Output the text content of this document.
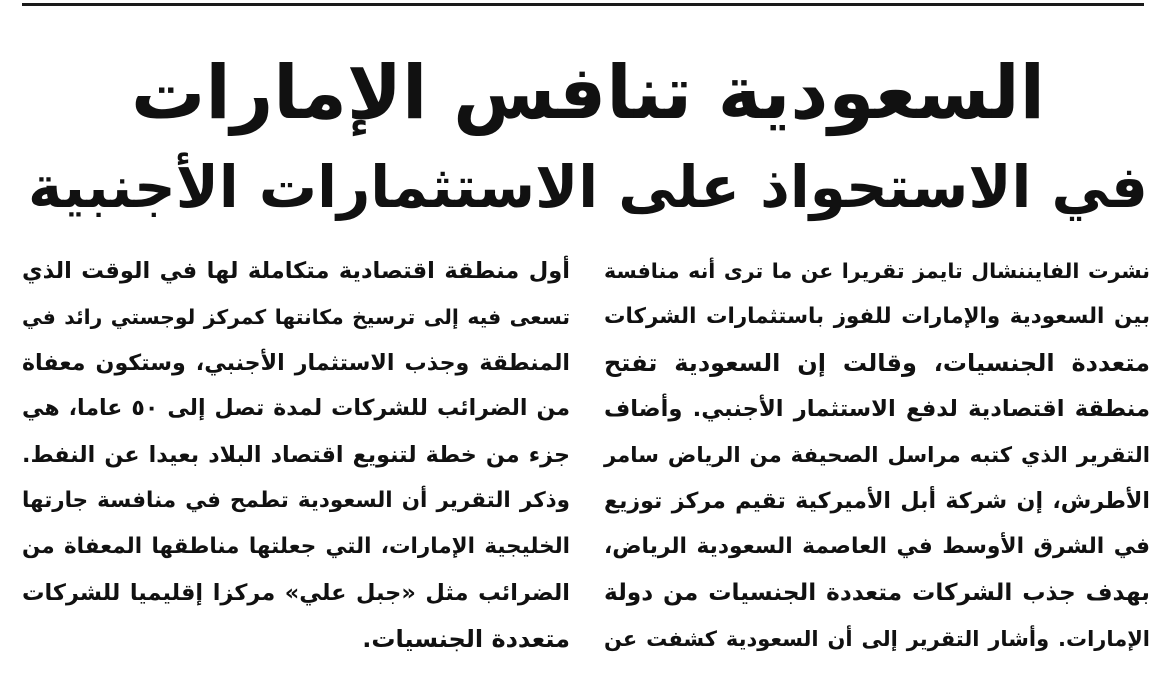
السعودية تنافس الإمارات
في الاستحواذ على الاستثمارات الأجنبية
نشرت الفايننشال تايمز تقريرا عن ما ترى أنه منافسة
بين السعودية والإمارات للفوز باستثمارات الشركات
متعددة الجنسيات، وقالت إن السعودية تفتح
منطقة اقتصادية لدفع الاستثمار الأجنبي. وأضاف
التقرير الذي كتبه مراسل الصحيفة من الرياض سامر
الأطرش، إن شركة أبل الأميركية تقيم مركز توزيع
في الشرق الأوسط في العاصمة السعودية الرياض،
بهدف جذب الشركات متعددة الجنسيات من دولة
الإمارات. وأشار التقرير إلى أن السعودية كشفت عن
أول منطقة اقتصادية متكاملة لها في الوقت الذي
تسعى فيه إلى ترسيخ مكانتها كمركز لوجستي رائد في
المنطقة وجذب الاستثمار الأجنبي، وستكون معفاة
من الضرائب للشركات لمدة تصل إلى ٥٠ عاما، هي
جزء من خطة لتنويع اقتصاد البلاد بعيدا عن النفط.
وذكر التقرير أن السعودية تطمح في منافسة جارتها
الخليجية الإمارات، التي جعلتها مناطقها المعفاة من
الضرائب مثل «جبل علي» مركزا إقليميا للشركات
متعددة الجنسيات.
